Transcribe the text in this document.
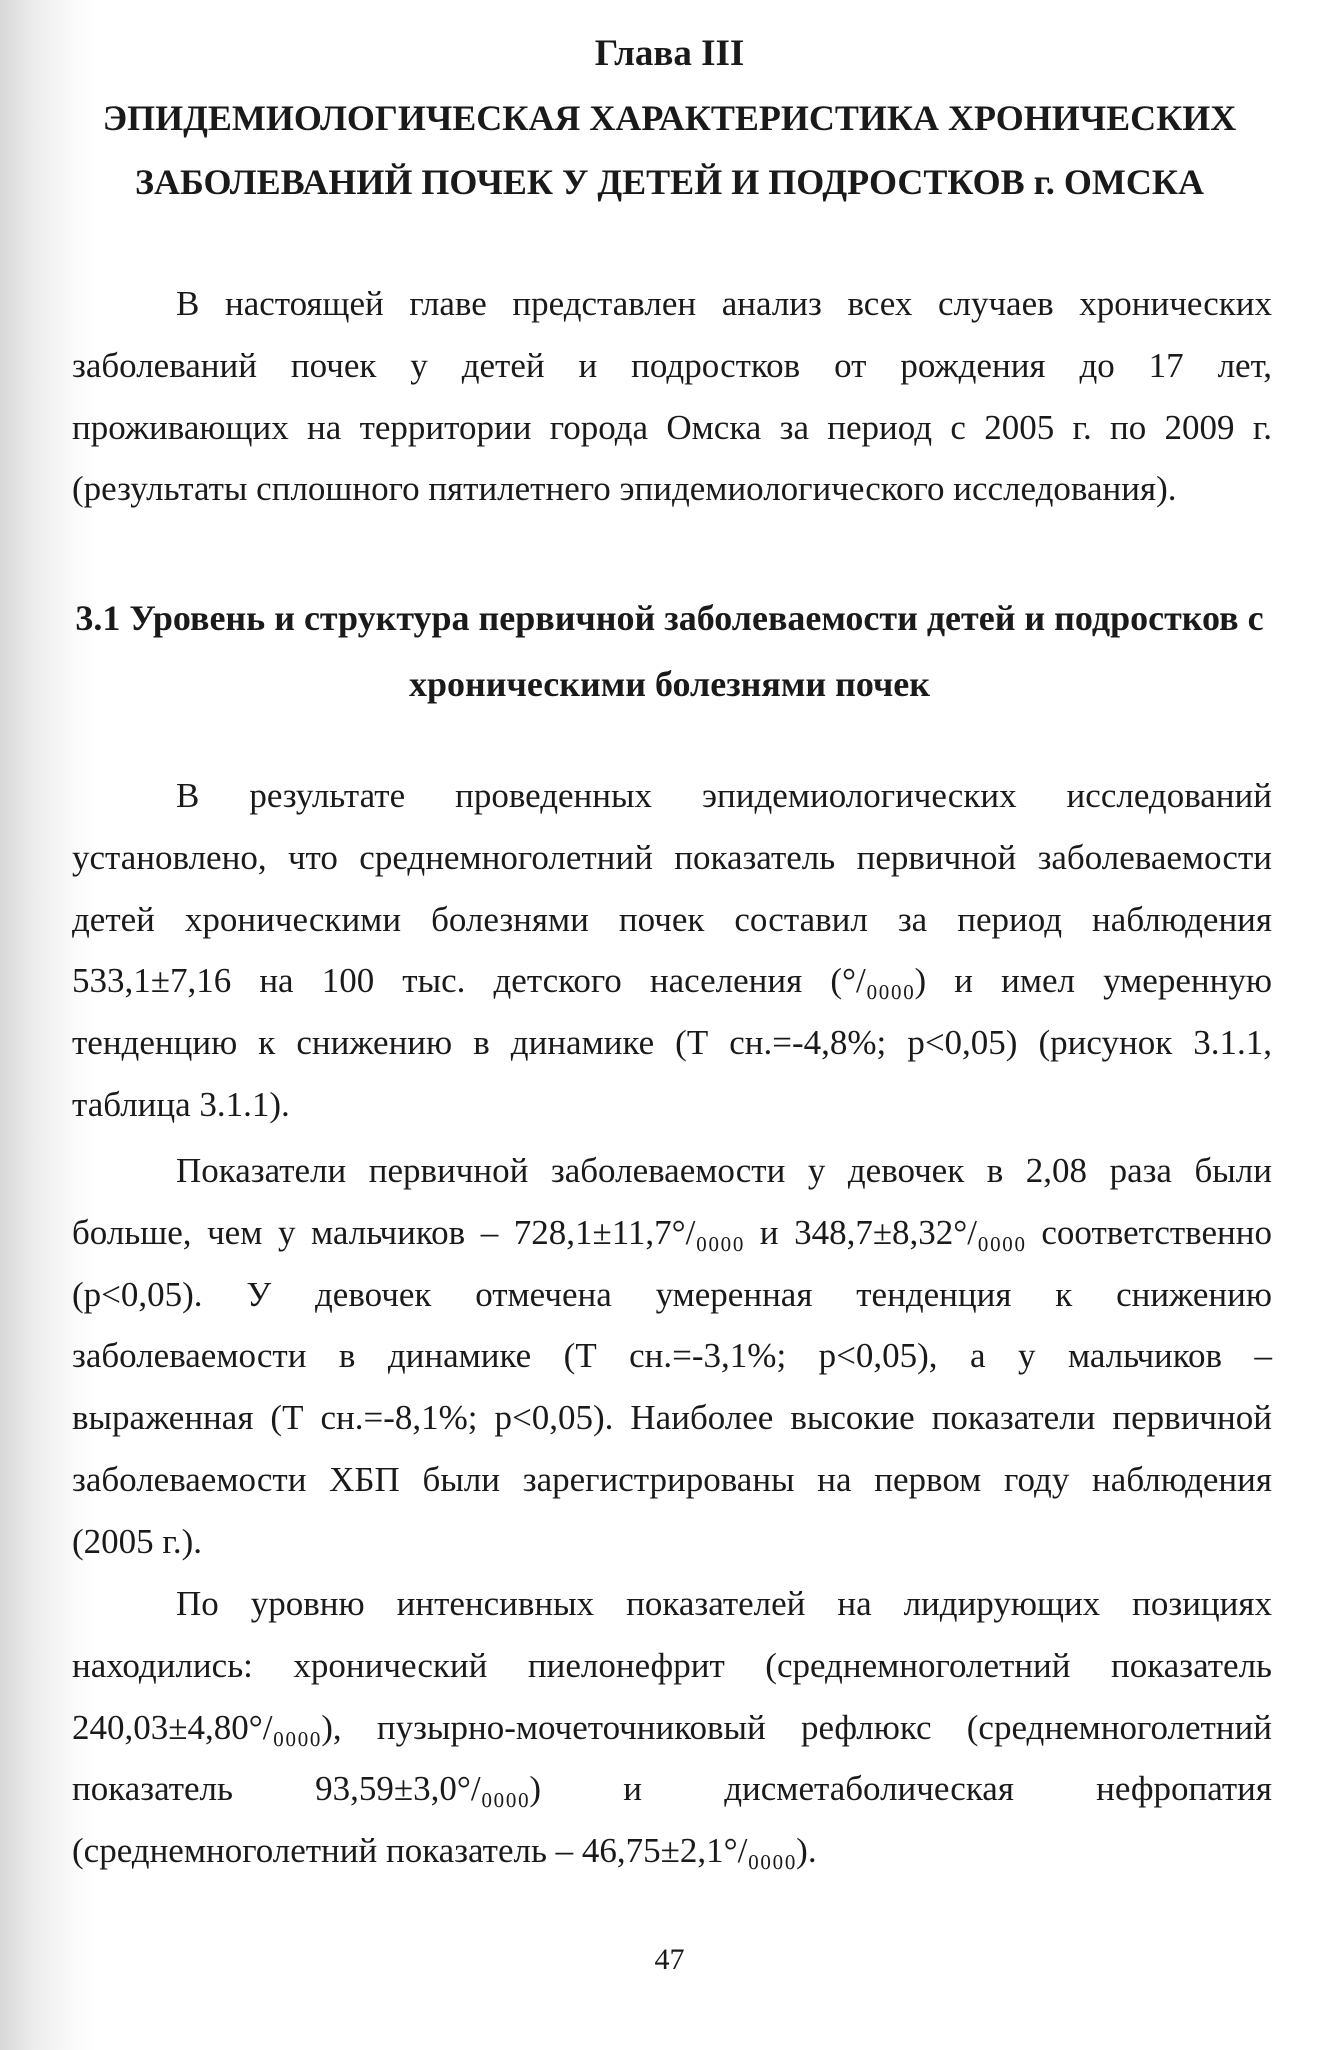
Глава III
ЭПИДЕМИОЛОГИЧЕСКАЯ ХАРАКТЕРИСТИКА ХРОНИЧЕСКИХ
ЗАБОЛЕВАНИЙ ПОЧЕК У ДЕТЕЙ И ПОДРОСТКОВ г. ОМСКА
В настоящей главе представлен анализ всех случаев хронических
заболеваний почек у детей и подростков от рождения до 17 лет,
проживающих на территории города Омска за период с 2005 г. по 2009 г.
(результаты сплошного пятилетнего эпидемиологического исследования).
3.1 Уровень и структура первичной заболеваемости детей и подростков с
хроническими болезнями почек
В результате проведенных эпидемиологических исследований
установлено, что среднемноголетний показатель первичной заболеваемости
детей хроническими болезнями почек составил за период наблюдения
533,1±7,16 на 100 тыс. детского населения (°/₀₀₀₀) и имел умеренную
тенденцию к снижению в динамике (Т сн.=-4,8%; р<0,05) (рисунок 3.1.1,
таблица 3.1.1).
Показатели первичной заболеваемости у девочек в 2,08 раза были
больше, чем у мальчиков – 728,1±11,7°/₀₀₀₀ и 348,7±8,32°/₀₀₀₀ соответственно
(р<0,05). У девочек отмечена умеренная тенденция к снижению
заболеваемости в динамике (Т сн.=-3,1%; р<0,05), а у мальчиков –
выраженная (Т сн.=-8,1%; р<0,05). Наиболее высокие показатели первичной
заболеваемости ХБП были зарегистрированы на первом году наблюдения
(2005 г.).
По уровню интенсивных показателей на лидирующих позициях
находились: хронический пиелонефрит (среднемноголетний показатель
240,03±4,80°/₀₀₀₀), пузырно-мочеточниковый рефлюкс (среднемноголетний
показатель 93,59±3,0°/₀₀₀₀) и дисметаболическая нефропатия
(среднемноголетний показатель – 46,75±2,1°/₀₀₀₀).
47
